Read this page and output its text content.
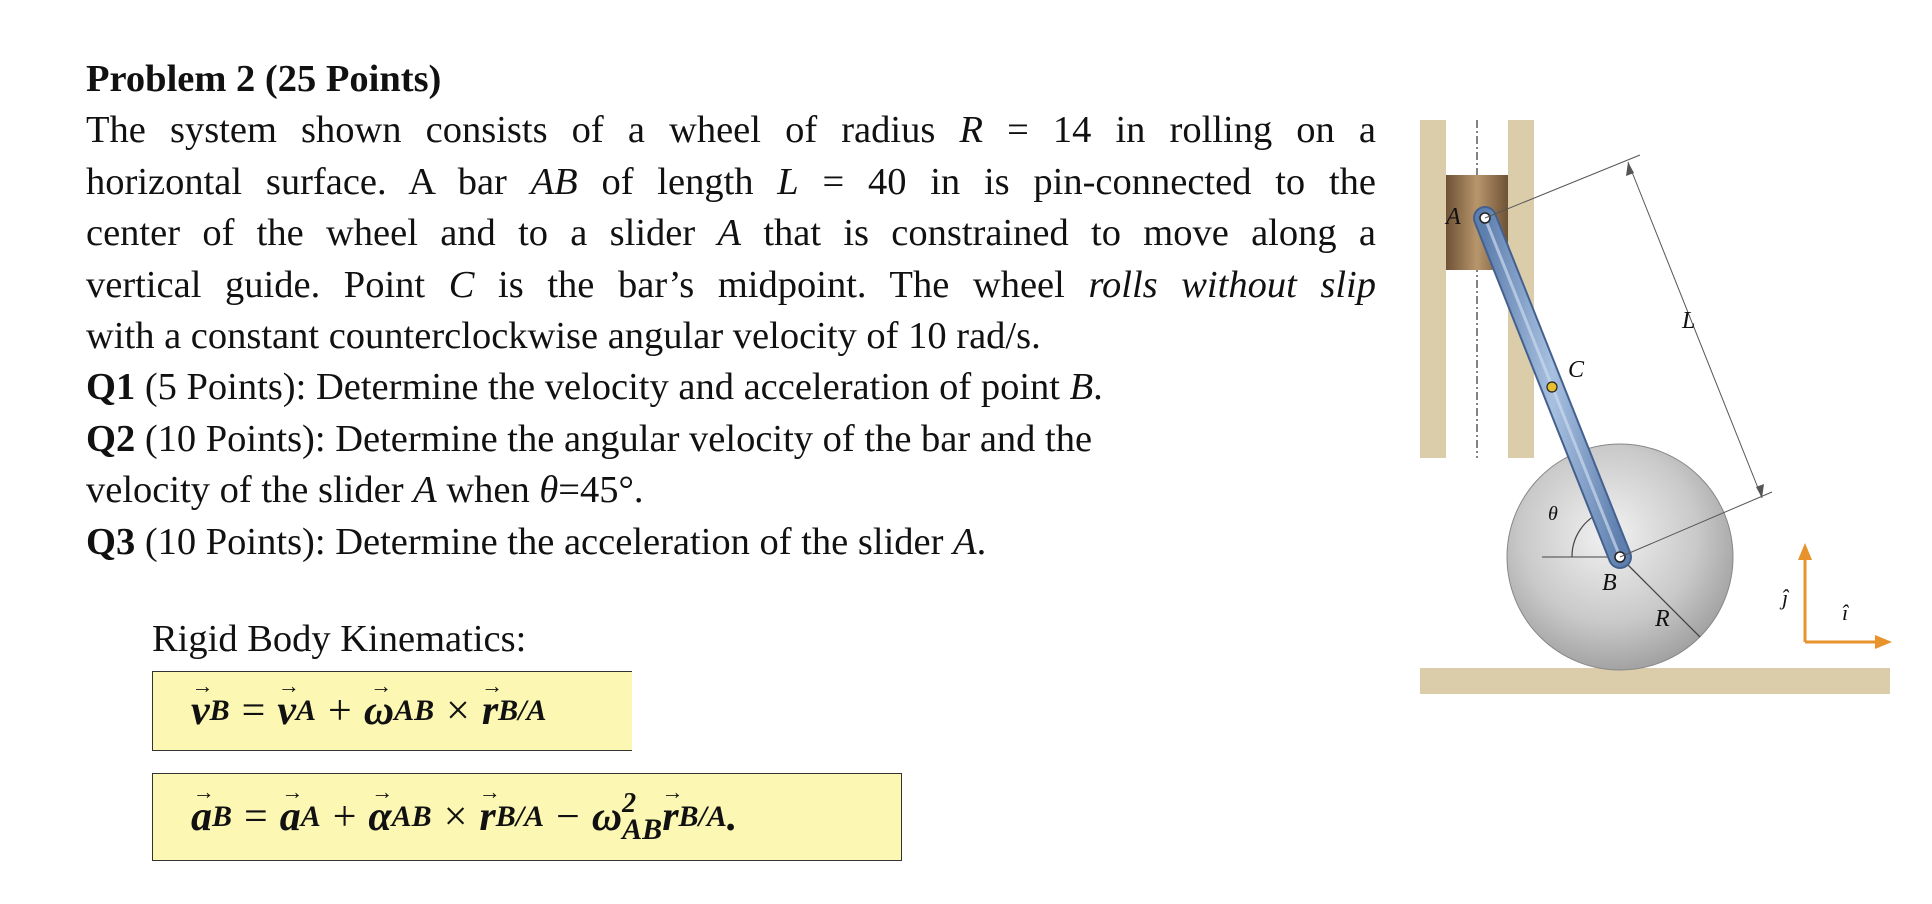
Problem 2 (25 Points)

The system shown consists of a wheel of radius R = 14 in rolling on a

horizontal surface. A bar AB of length L = 40 in is pin-connected to the

center of the wheel and to a slider A that is constrained to move along a

vertical guide. Point C is the bar’s midpoint. The wheel rolls without slip

with a constant counterclockwise angular velocity of 10 rad/s.

Q1 (5 Points): Determine the velocity and acceleration of point B.

Q2 (10 Points): Determine the angular velocity of the bar and the

velocity of the slider A when θ=45°.

Q3 (10 Points): Determine the acceleration of the slider A.

Rigid Body Kinematics:
→ v B = → v A + → ω AB × → r B/A
→ a B = → a A + → α AB × → r B/A − ω 2
AB → r B/A .
A
C
B
L
R
θ
ĵ
î
